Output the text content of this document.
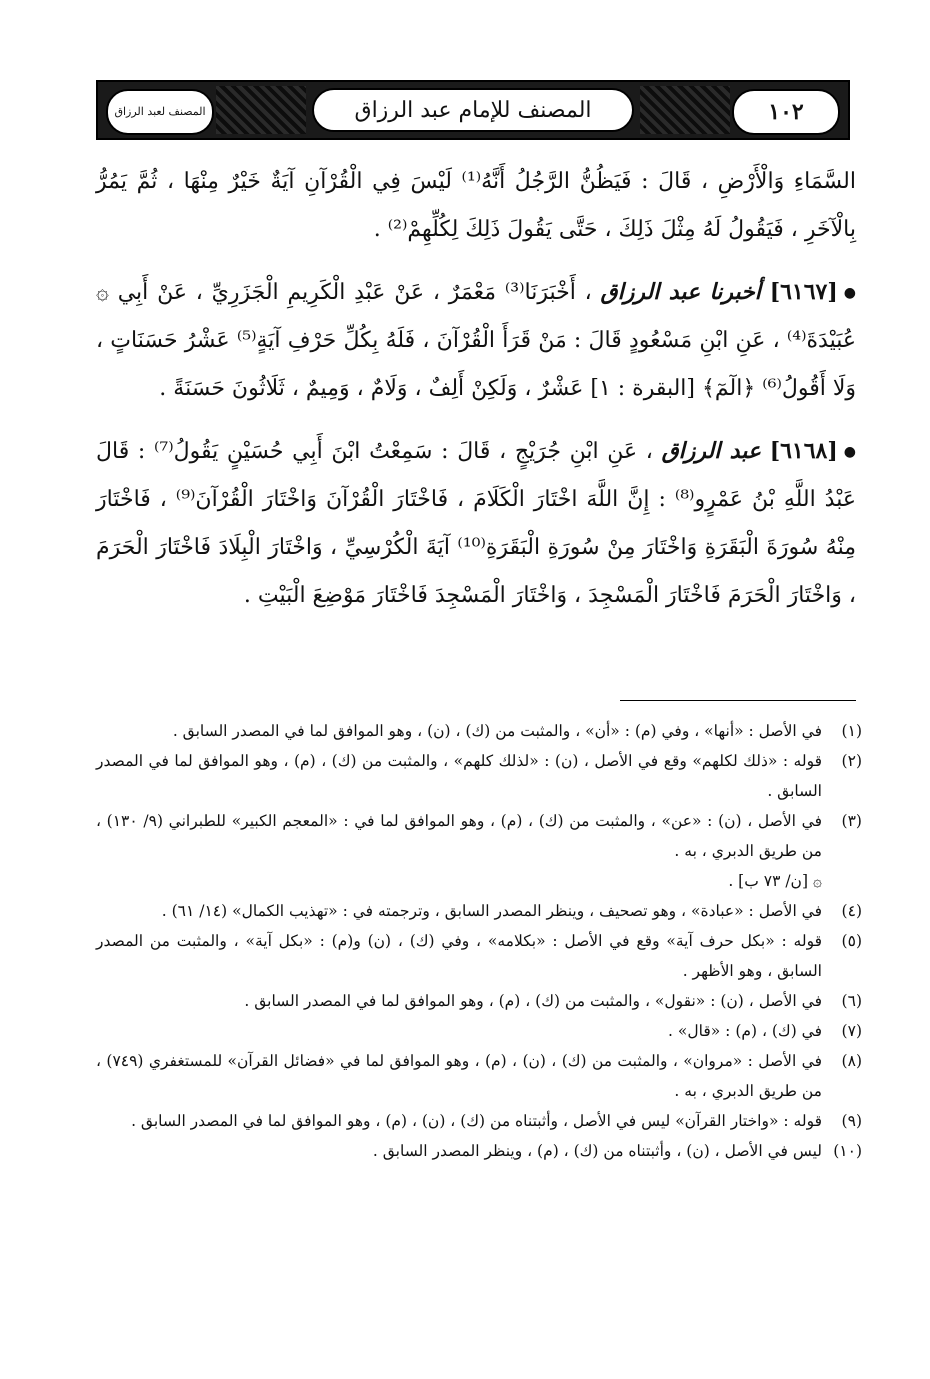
١٠٢
المصنف للإمام عبد الرزاق
المصنف لعبد الرزاق

السَّمَاءِ وَالْأَرْضِ ، قَالَ : فَيَظُنُّ الرَّجُلُ أَنَّهُ⁽¹⁾ لَيْسَ فِي الْقُرْآنِ آيَةٌ خَيْرٌ مِنْهَا ، ثُمَّ يَمُرُّ بِالْآخَرِ ، فَيَقُولُ لَهُ مِثْلَ ذَلِكَ ، حَتَّى يَقُولَ ذَلِكَ لِكُلِّهِمْ⁽²⁾ .

●[٦١٦٧] أخبرنا عبد الرزاق ، أَخْبَرَنَا⁽³⁾ مَعْمَرٌ ، عَنْ عَبْدِ الْكَرِيمِ الْجَزَرِيِّ ، عَنْ أَبِي ۞ عُبَيْدَةَ⁽⁴⁾ ، عَنِ ابْنِ مَسْعُودٍ قَالَ : مَنْ قَرَأَ الْقُرْآنَ ، فَلَهُ بِكُلِّ حَرْفِ آيَةٍ⁽⁵⁾ عَشْرُ حَسَنَاتٍ ، وَلَا أَقُولُ⁽⁶⁾ ﴿الٓمٓ﴾ [البقرة : ١] عَشْرٌ ، وَلَكِنْ أَلِفٌ ، وَلَامٌ ، وَمِيمٌ ، ثَلَاثُونَ حَسَنَةً .

●[٦١٦٨] عبد الرزاق ، عَنِ ابْنِ جُرَيْجٍ ، قَالَ : سَمِعْتُ ابْنَ أَبِي حُسَيْنٍ يَقُولُ⁽⁷⁾ : قَالَ عَبْدُ اللَّهِ بْنُ عَمْرٍو⁽⁸⁾ : إِنَّ اللَّهَ اخْتَارَ الْكَلَامَ ، فَاخْتَارَ الْقُرْآنَ وَاخْتَارَ الْقُرْآنَ⁽⁹⁾ ، فَاخْتَارَ مِنْهُ سُورَةَ الْبَقَرَةِ وَاخْتَارَ مِنْ سُورَةِ الْبَقَرَةِ⁽¹⁰⁾ آيَةَ الْكُرْسِيِّ ، وَاخْتَارَ الْبِلَادَ فَاخْتَارَ الْحَرَمَ ، وَاخْتَارَ الْحَرَمَ فَاخْتَارَ الْمَسْجِدَ ، وَاخْتَارَ الْمَسْجِدَ فَاخْتَارَ مَوْضِعَ الْبَيْتِ .

(١)في الأصل : «أنها» ، وفي (م) : «أن» ، والمثبت من (ك) ، (ن) ، وهو الموافق لما في المصدر السابق .

(٢)قوله : «ذلك لكلهم» وقع في الأصل ، (ن) : «لذلك كلهم» ، والمثبت من (ك) ، (م) ، وهو الموافق لما في المصدر السابق .

(٣)في الأصل ، (ن) : «عن» ، والمثبت من (ك) ، (م) ، وهو الموافق لما في : «المعجم الكبير» للطبراني (٩/ ١٣٠) ، من طريق الدبري ، به .

۞ [ن/ ٧٣ ب] .

(٤)في الأصل : «عبادة» ، وهو تصحيف ، وينظر المصدر السابق ، وترجمته في : «تهذيب الكمال» (١٤/ ٦١) .

(٥)قوله : «بكل حرف آية» وقع في الأصل : «بكلامه» ، وفي (ك) ، (ن) و(م) : «بكل آية» ، والمثبت من المصدر السابق ، وهو الأظهر .

(٦)في الأصل ، (ن) : «نقول» ، والمثبت من (ك) ، (م) ، وهو الموافق لما في المصدر السابق .

(٧)في (ك) ، (م) : «قال» .

(٨)في الأصل : «مروان» ، والمثبت من (ك) ، (ن) ، (م) ، وهو الموافق لما في «فضائل القرآن» للمستغفري (٧٤٩) ، من طريق الدبري ، به .

(٩)قوله : «واختار القرآن» ليس في الأصل ، وأثبتناه من (ك) ، (ن) ، (م) ، وهو الموافق لما في المصدر السابق .

(١٠)ليس في الأصل ، (ن) ، وأثبتناه من (ك) ، (م) ، وينظر المصدر السابق .
